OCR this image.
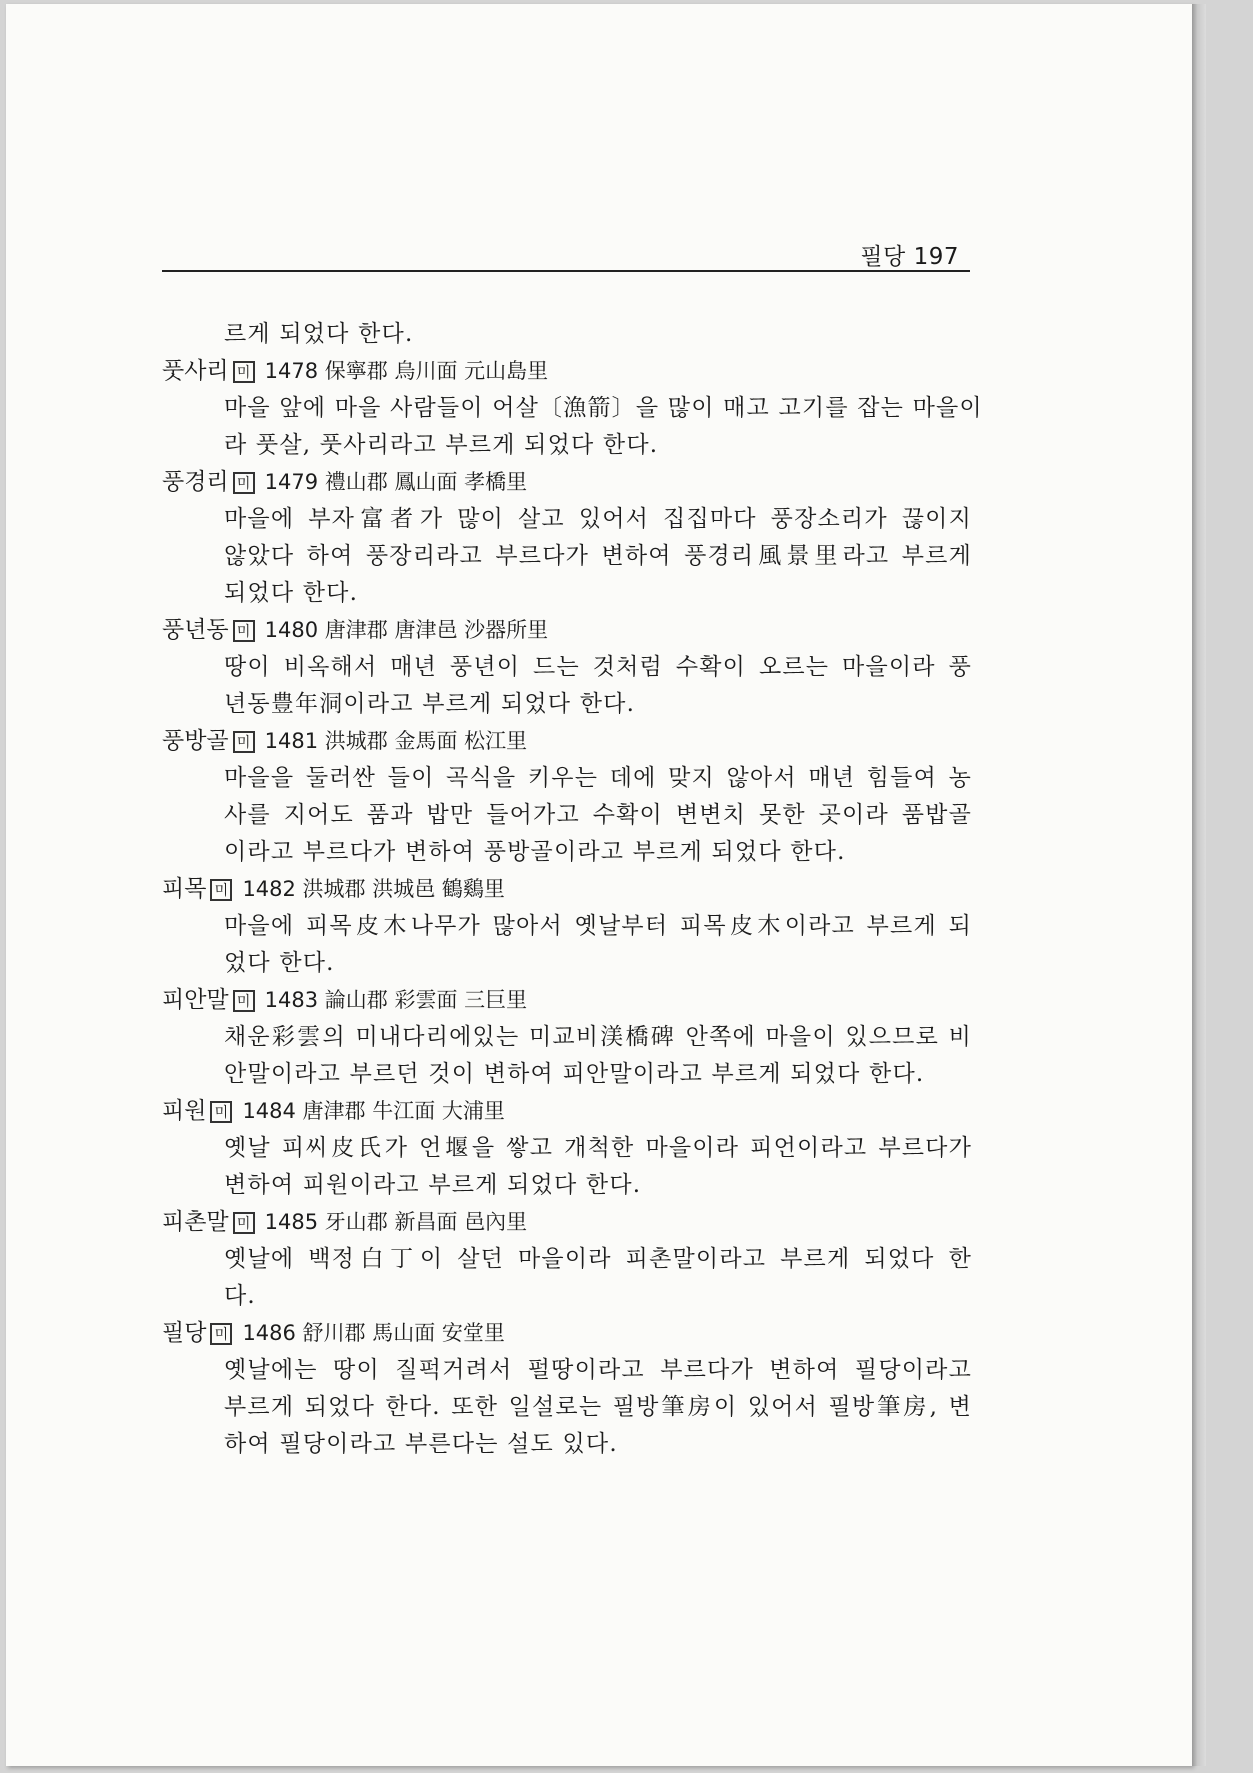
필당 197
르게 되었다 한다.
풋사리 미 1478 保寧郡 烏川面 元山島里
마을 앞에 마을 사람들이 어살〔漁箭〕을 많이 매고 고기를 잡는 마을이
라 풋살, 풋사리라고 부르게 되었다 한다.
풍경리 미 1479 禮山郡 鳳山面 孝橋里
마을에 부자富者가 많이 살고 있어서 집집마다 풍장소리가 끊이지
않았다 하여 풍장리라고 부르다가 변하여 풍경리風景里라고 부르게
되었다 한다.
풍년동 미 1480 唐津郡 唐津邑 沙器所里
땅이 비옥해서 매년 풍년이 드는 것처럼 수확이 오르는 마을이라 풍
년동豊年洞이라고 부르게 되었다 한다.
풍방골 미 1481 洪城郡 金馬面 松江里
마을을 둘러싼 들이 곡식을 키우는 데에 맞지 않아서 매년 힘들여 농
사를 지어도 품과 밥만 들어가고 수확이 변변치 못한 곳이라 품밥골
이라고 부르다가 변하여 풍방골이라고 부르게 되었다 한다.
피목 미 1482 洪城郡 洪城邑 鶴鷄里
마을에 피목皮木나무가 많아서 옛날부터 피목皮木이라고 부르게 되
었다 한다.
피안말 미 1483 論山郡 彩雲面 三巨里
채운彩雲의 미내다리에있는 미교비渼橋碑 안쪽에 마을이 있으므로 비
안말이라고 부르던 것이 변하여 피안말이라고 부르게 되었다 한다.
피원 미 1484 唐津郡 牛江面 大浦里
옛날 피씨皮氏가 언堰을 쌓고 개척한 마을이라 피언이라고 부르다가
변하여 피원이라고 부르게 되었다 한다.
피촌말 미 1485 牙山郡 新昌面 邑內里
옛날에 백정白丁이 살던 마을이라 피촌말이라고 부르게 되었다 한
다.
필당 미 1486 舒川郡 馬山面 安堂里
옛날에는 땅이 질퍽거려서 펄땅이라고 부르다가 변하여 필당이라고
부르게 되었다 한다. 또한 일설로는 필방筆房이 있어서 필방筆房, 변
하여 필당이라고 부른다는 설도 있다.
